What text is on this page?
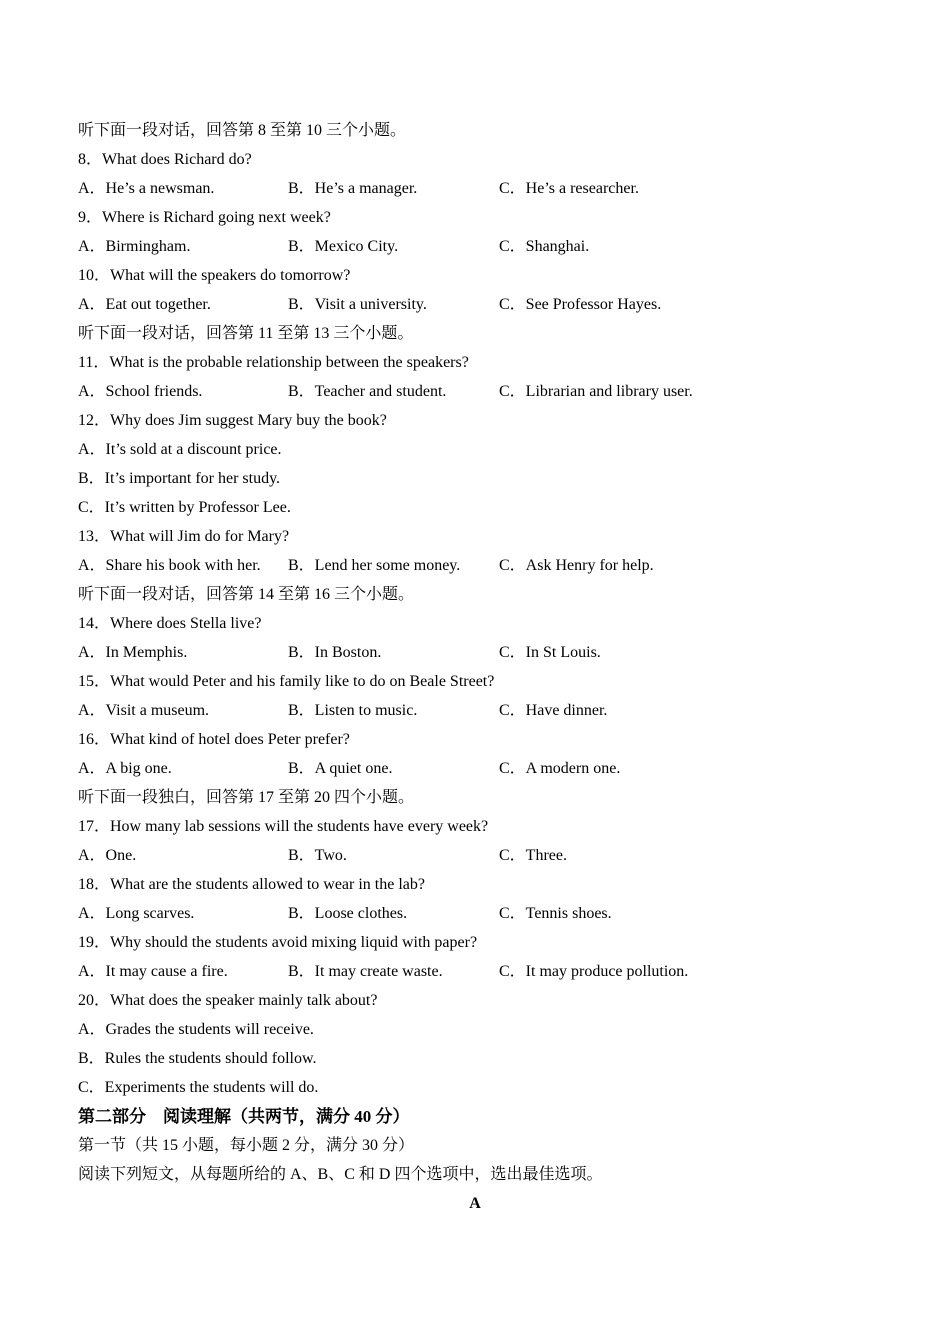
听下面一段对话，回答第 8 至第 10 三个小题。
8．What does Richard do?
A．He’s a newsman.	B．He’s a manager.	C．He’s a researcher.
9．Where is Richard going next week?
A．Birmingham.	B．Mexico City.	C．Shanghai.
10．What will the speakers do tomorrow?
A．Eat out together.	B．Visit a university.	C．See Professor Hayes.
听下面一段对话，回答第 11 至第 13 三个小题。
11．What is the probable relationship between the speakers?
A．School friends.	B．Teacher and student.	C．Librarian and library user.
12．Why does Jim suggest Mary buy the book?
A．It’s sold at a discount price.
B．It’s important for her study.
C．It’s written by Professor Lee.
13．What will Jim do for Mary?
A．Share his book with her. B．Lend her some money. C．Ask Henry for help.
听下面一段对话，回答第 14 至第 16 三个小题。
14．Where does Stella live?
A．In Memphis.	B．In Boston.	C．In St Louis.
15．What would Peter and his family like to do on Beale Street?
A．Visit a museum.	B．Listen to music.	C．Have dinner.
16．What kind of hotel does Peter prefer?
A．A big one.	B．A quiet one.	C．A modern one.
听下面一段独白，回答第 17 至第 20 四个小题。
17．How many lab sessions will the students have every week?
A．One.	B．Two.	C．Three.
18．What are the students allowed to wear in the lab?
A．Long scarves.	B．Loose clothes.	C．Tennis shoes.
19．Why should the students avoid mixing liquid with paper?
A．It may cause a fire.	B．It may create waste.	C．It may produce pollution.
20．What does the speaker mainly talk about?
A．Grades the students will receive.
B．Rules the students should follow.
C．Experiments the students will do.
第二部分　阅读理解（共两节，满分 40 分）
第一节（共 15 小题，每小题 2 分，满分 30 分）
阅读下列短文，从每题所给的 A、B、C 和 D 四个选项中，选出最佳选项。
A
